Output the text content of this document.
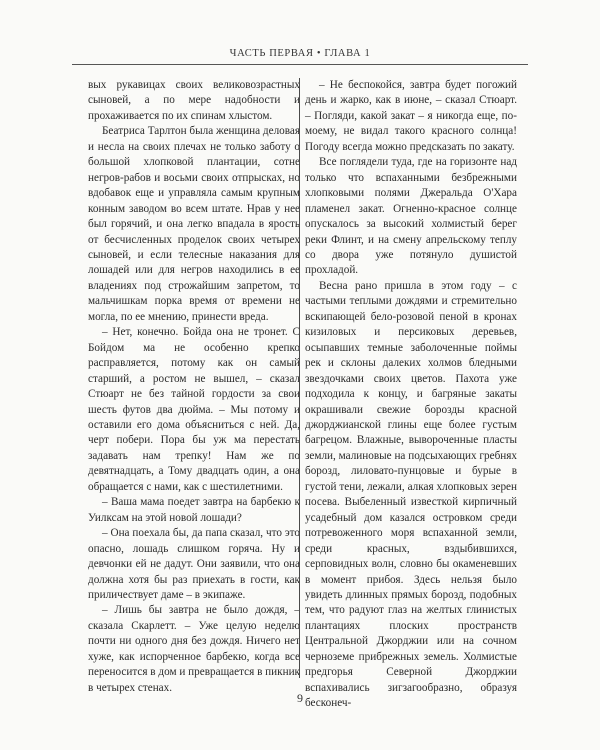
ЧАСТЬ ПЕРВАЯ • ГЛАВА 1

вых рукавицах своих великовозрастных сыновей, а по мере надобности и прохаживается по их спинам хлыстом.

Беатриса Тарлтон была женщина деловая и несла на своих плечах не только заботу о большой хлопковой плантации, сотне негров-рабов и восьми своих отпрысках, но вдобавок еще и управляла самым крупным конным заводом во всем штате. Нрав у нее был горячий, и она легко впадала в ярость от бесчисленных проделок своих четырех сыновей, и если телесные наказания для лошадей или для негров находились в ее владениях под строжайшим запретом, то мальчишкам порка время от времени не могла, по ее мнению, принести вреда.

– Нет, конечно. Бойда она не тронет. С Бойдом ма не особенно крепко расправляется, потому как он самый старший, а ростом не вышел, – сказал Стюарт не без тайной гордости за свои шесть футов два дюйма. – Мы потому и оставили его дома объясниться с ней. Да, черт побери. Пора бы уж ма перестать задавать нам трепку! Нам же по девятнадцать, а Тому двадцать один, а она обращается с нами, как с шестилетними.

– Ваша мама поедет завтра на барбекю к Уилксам на этой новой лошади?

– Она поехала бы, да папа сказал, что это опасно, лошадь слишком горяча. Ну и девчонки ей не дадут. Они заявили, что она должна хотя бы раз приехать в гости, как приличествует даме – в экипаже.

– Лишь бы завтра не было дождя, – сказала Скарлетт. – Уже целую неделю почти ни одного дня без дождя. Ничего нет хуже, как испорченное барбекю, когда все переносится в дом и превращается в пикник в четырех стенах.

– Не беспокойся, завтра будет погожий день и жарко, как в июне, – сказал Стюарт. – Погляди, какой закат – я никогда еще, по-моему, не видал такого красного солнца! Погоду всегда можно предсказать по закату.

Все поглядели туда, где на горизонте над только что вспаханными безбрежными хлопковыми полями Джеральда О'Хара пламенел закат. Огненно-красное солнце опускалось за высокий холмистый берег реки Флинт, и на смену апрельскому теплу со двора уже потянуло душистой прохладой.

Весна рано пришла в этом году – с частыми теплыми дождями и стремительно вскипающей бело-розовой пеной в кронах кизиловых и персиковых деревьев, осыпавших темные заболоченные поймы рек и склоны далеких холмов бледными звездочками своих цветов. Пахота уже подходила к концу, и багряные закаты окрашивали свежие борозды красной джорджианской глины еще более густым багрецом. Влажные, вывороченные пласты земли, малиновые на подсыхающих гребнях борозд, лиловато-пунцовые и бурые в густой тени, лежали, алкая хлопковых зерен посева. Выбеленный известкой кирпичный усадебный дом казался островком среди потревоженного моря вспаханной земли, среди красных, вздыбившихся, серповидных волн, словно бы окаменевших в момент прибоя. Здесь нельзя было увидеть длинных прямых борозд, подобных тем, что радуют глаз на желтых глинистых плантациях плоских пространств Центральной Джорджии или на сочном черноземе прибрежных земель. Холмистые предгорья Северной Джорджии вспахивались зигзагообразно, образуя бесконеч-

9
